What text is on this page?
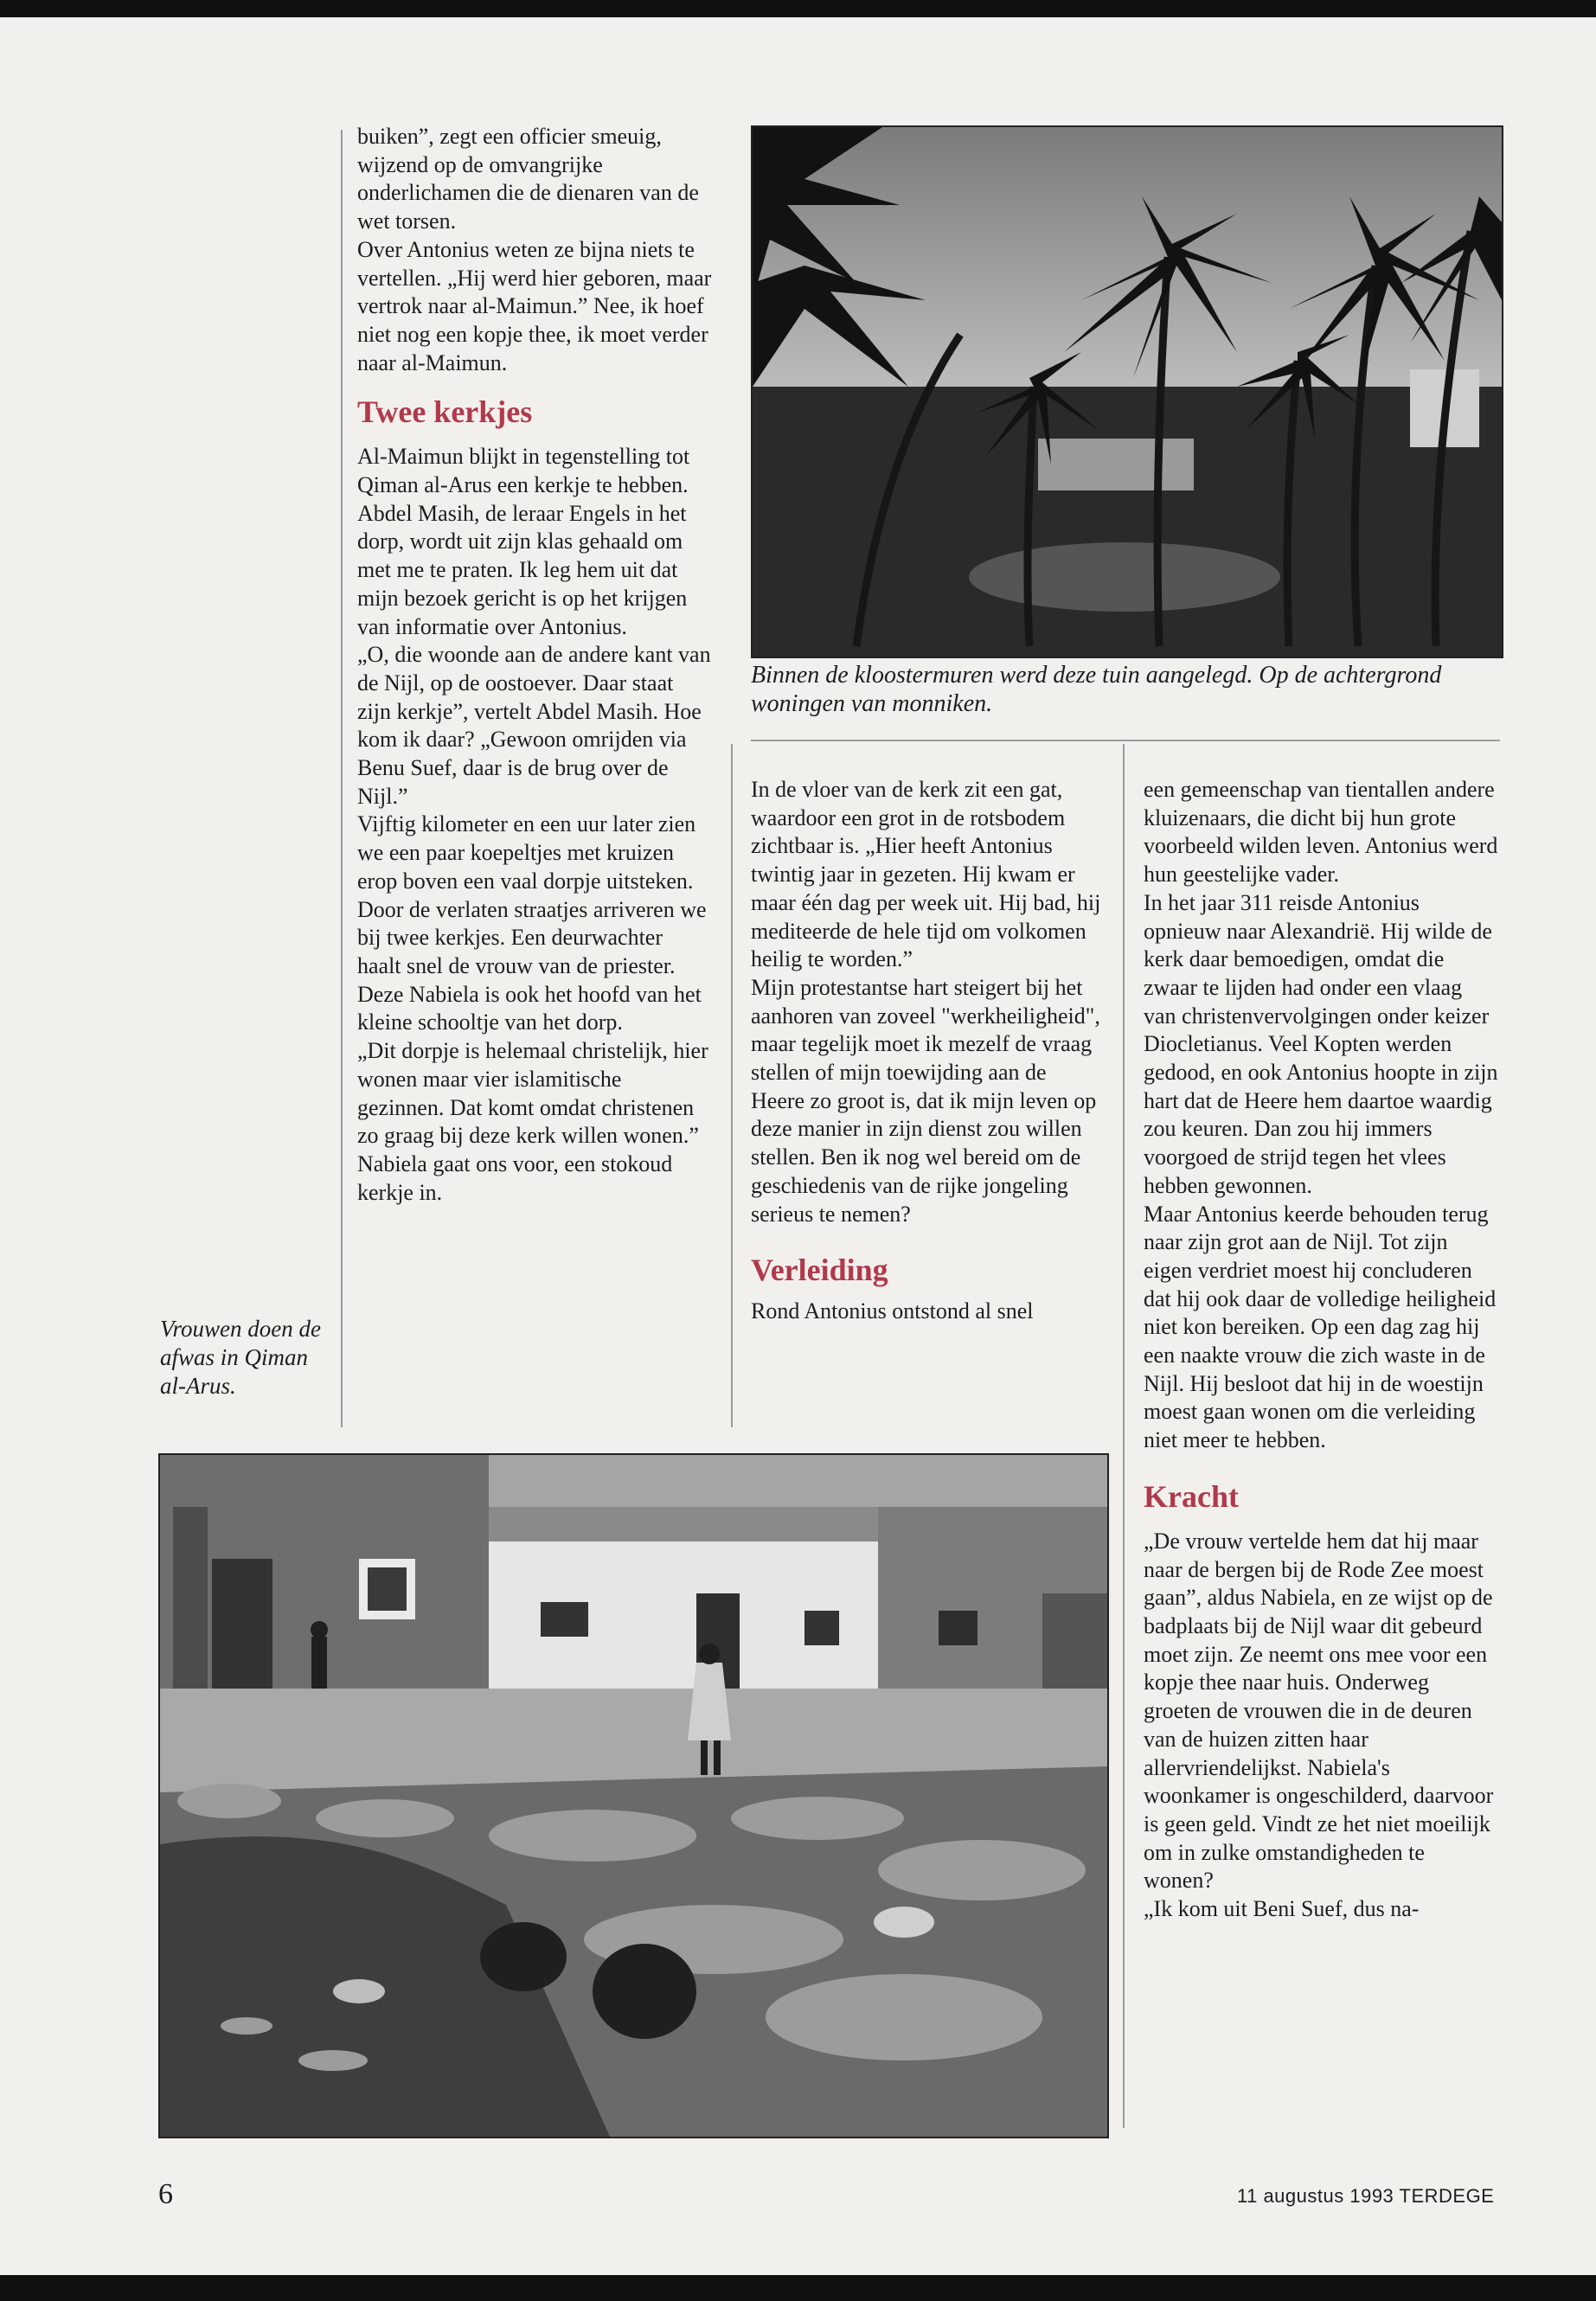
buiken”, zegt een officier smeuig, wijzend op de omvangrijke onderlichamen die de dienaren van de wet torsen.

Over Antonius weten ze bijna niets te vertellen. „Hij werd hier geboren, maar vertrok naar al-Maimun.” Nee, ik hoef niet nog een kopje thee, ik moet verder naar al-Maimun.

Twee kerkjes

Al-Maimun blijkt in tegenstelling tot Qiman al-Arus een kerkje te hebben. Abdel Masih, de leraar Engels in het dorp, wordt uit zijn klas gehaald om met me te praten. Ik leg hem uit dat mijn bezoek gericht is op het krijgen van informatie over Antonius.

„O, die woonde aan de andere kant van de Nijl, op de oostoever. Daar staat zijn kerkje”, vertelt Abdel Masih. Hoe kom ik daar? „Gewoon omrijden via Benu Suef, daar is de brug over de Nijl.”

Vijftig kilometer en een uur later zien we een paar koepeltjes met kruizen erop boven een vaal dorpje uitsteken. Door de verlaten straatjes arriveren we bij twee kerkjes. Een deurwachter haalt snel de vrouw van de priester. Deze Nabiela is ook het hoofd van het kleine schooltje van het dorp.

„Dit dorpje is helemaal christelijk, hier wonen maar vier islamitische gezinnen. Dat komt omdat christenen zo graag bij deze kerk willen wonen.” Nabiela gaat ons voor, een stokoud kerkje in.

Binnen de kloostermuren werd deze tuin aangelegd. Op de achtergrond woningen van monniken.

In de vloer van de kerk zit een gat, waardoor een grot in de rotsbodem zichtbaar is. „Hier heeft Antonius twintig jaar in gezeten. Hij kwam er maar één dag per week uit. Hij bad, hij mediteerde de hele tijd om volkomen heilig te worden.”

Mijn protestantse hart steigert bij het aanhoren van zoveel "werkheiligheid", maar tegelijk moet ik mezelf de vraag stellen of mijn toewijding aan de Heere zo groot is, dat ik mijn leven op deze manier in zijn dienst zou willen stellen. Ben ik nog wel bereid om de geschiedenis van de rijke jongeling serieus te nemen?

Verleiding

Rond Antonius ontstond al snel

een gemeenschap van tientallen andere kluizenaars, die dicht bij hun grote voorbeeld wilden leven. Antonius werd hun geestelijke vader.

In het jaar 311 reisde Antonius opnieuw naar Alexandrië. Hij wilde de kerk daar bemoedigen, omdat die zwaar te lijden had onder een vlaag van christenvervolgingen onder keizer Diocletianus. Veel Kopten werden gedood, en ook Antonius hoopte in zijn hart dat de Heere hem daartoe waardig zou keuren. Dan zou hij immers voorgoed de strijd tegen het vlees hebben gewonnen.

Maar Antonius keerde behouden terug naar zijn grot aan de Nijl. Tot zijn eigen verdriet moest hij concluderen dat hij ook daar de volledige heiligheid niet kon bereiken. Op een dag zag hij een naakte vrouw die zich waste in de Nijl. Hij besloot dat hij in de woestijn moest gaan wonen om die verleiding niet meer te hebben.

Kracht

„De vrouw vertelde hem dat hij maar naar de bergen bij de Rode Zee moest gaan”, aldus Nabiela, en ze wijst op de badplaats bij de Nijl waar dit gebeurd moet zijn. Ze neemt ons mee voor een kopje thee naar huis. Onderweg groeten de vrouwen die in de deuren van de huizen zitten haar allervriendelijkst. Nabiela's woonkamer is ongeschilderd, daarvoor is geen geld. Vindt ze het niet moeilijk om in zulke omstandigheden te wonen?

„Ik kom uit Beni Suef, dus na-

Vrouwen doen de afwas in Qiman al-Arus.
6	11 augustus 1993 TERDEGE
